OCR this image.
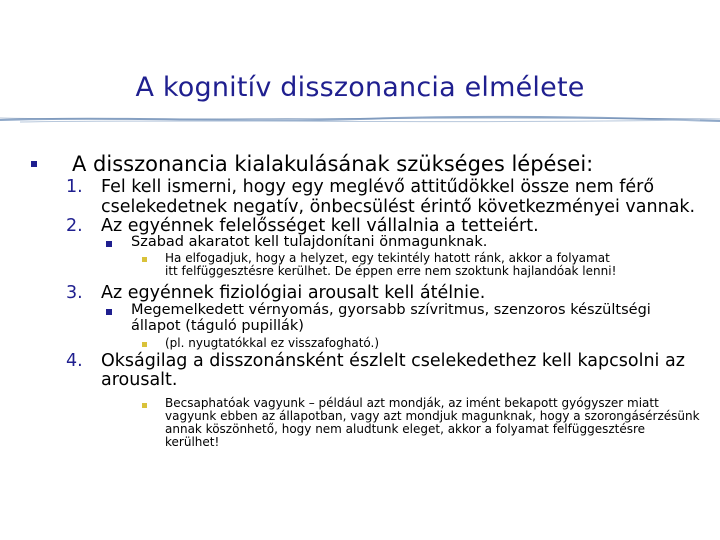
A kognitív disszonancia elmélete
A disszonancia kialakulásának szükséges lépései:
1. Fel kell ismerni, hogy egy meglévő attitűdökkel össze nem férő
cselekedetnek negatív, önbecsülést érintő következményei vannak.
2. Az egyénnek felelősséget kell vállalnia a tetteiért.
Szabad akaratot kell tulajdonítani önmagunknak.
Ha elfogadjuk, hogy a helyzet, egy tekintély hatott ránk, akkor a folyamat
itt felfüggesztésre kerülhet. De éppen erre nem szoktunk hajlandóak lenni!
3. Az egyénnek fiziológiai arousalt kell átélnie.
Megemelkedett vérnyomás, gyorsabb szívritmus, szenzoros készültségi
állapot (táguló pupillák)
(pl. nyugtatókkal ez visszafogható.)
4. Okságilag a disszonánsként észlelt cselekedethez kell kapcsolni az
arousalt.
Becsaphatóak vagyunk – például azt mondják, az imént bekapott gyógyszer miatt
vagyunk ebben az állapotban, vagy azt mondjuk magunknak, hogy a szorongásérzésünk
annak köszönhető, hogy nem aludtunk eleget, akkor a folyamat felfüggesztésre
kerülhet!
